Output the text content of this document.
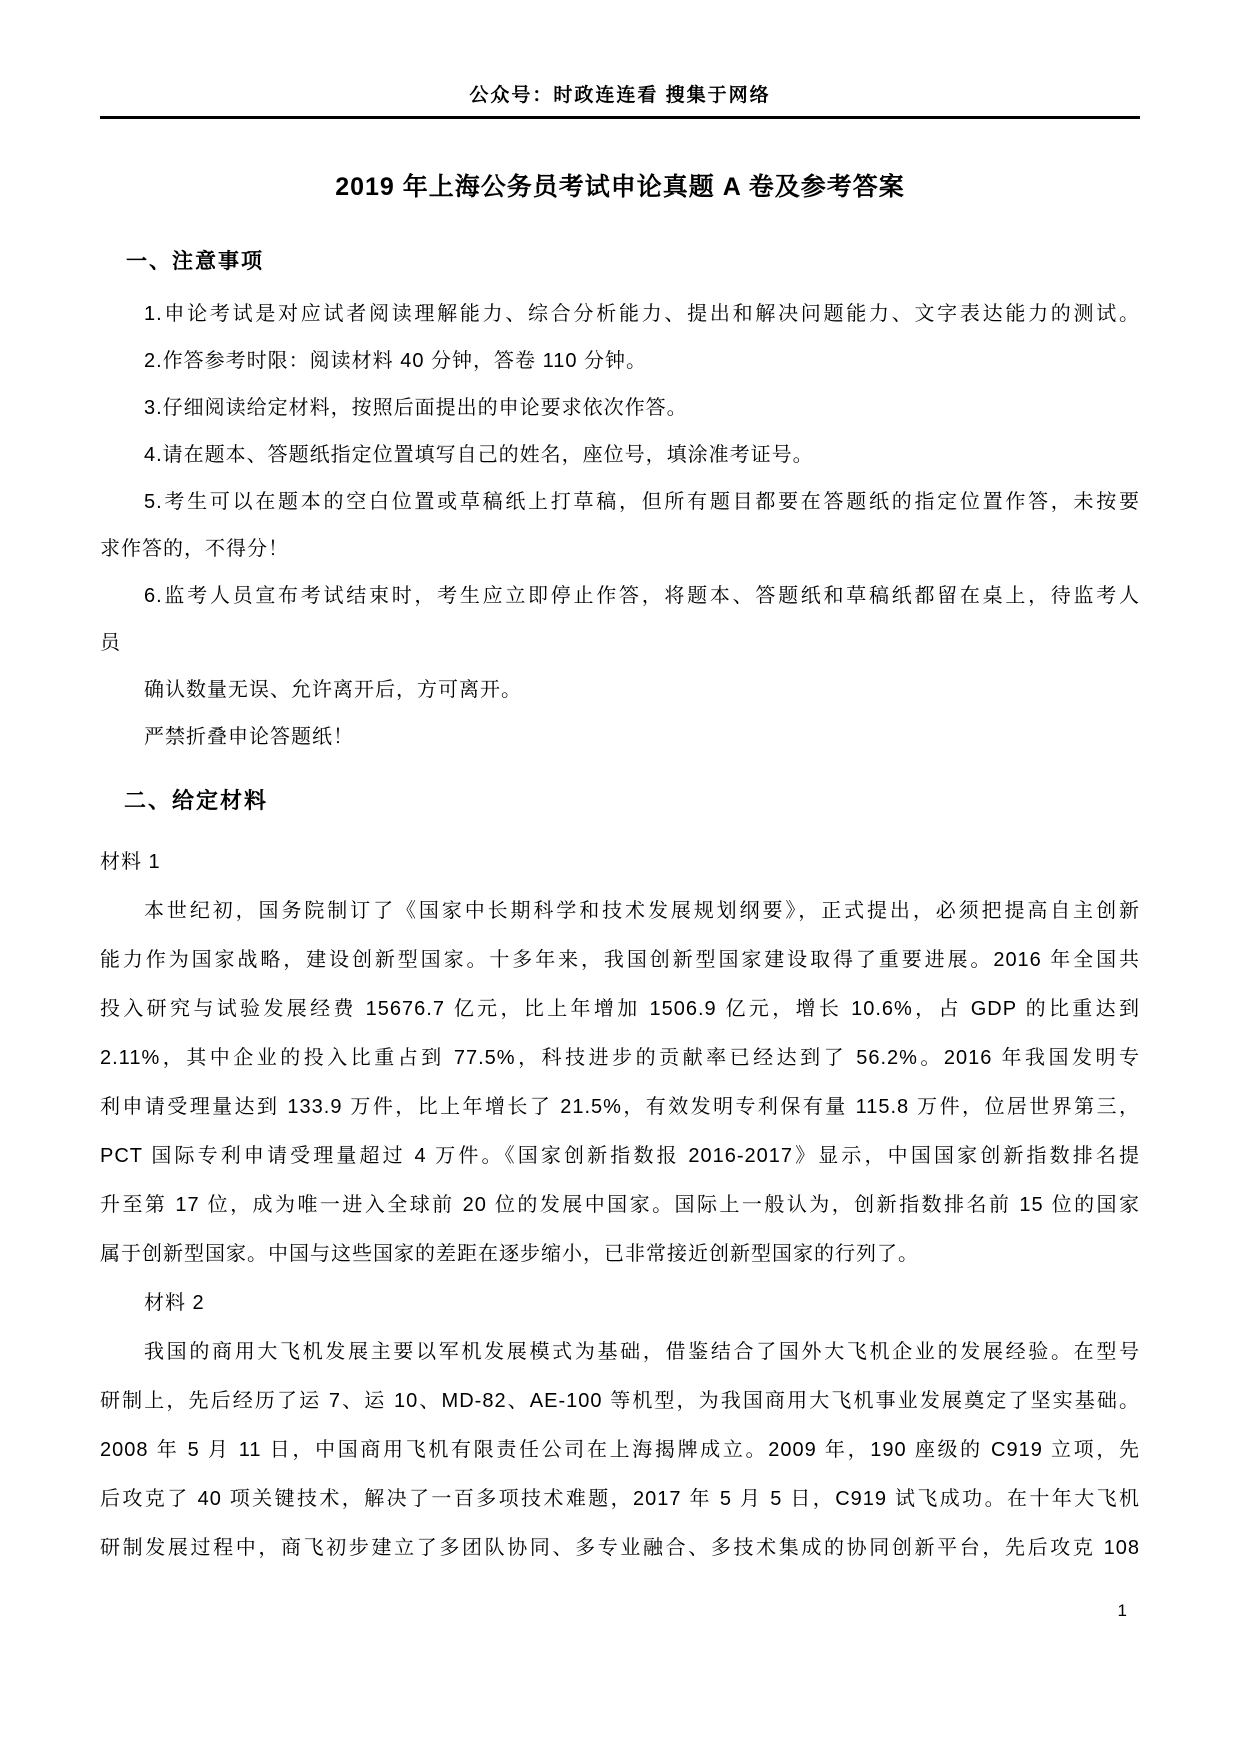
公众号：时政连连看 搜集于网络
2019 年上海公务员考试申论真题 A 卷及参考答案
一、注意事项
1.申论考试是对应试者阅读理解能力、综合分析能力、提出和解决问题能力、文字表达能力的测试。
2.作答参考时限：阅读材料 40 分钟，答卷 110 分钟。
3.仔细阅读给定材料，按照后面提出的申论要求依次作答。
4.请在题本、答题纸指定位置填写自己的姓名，座位号，填涂准考证号。
5.考生可以在题本的空白位置或草稿纸上打草稿，但所有题目都要在答题纸的指定位置作答，未按要
求作答的，不得分！
6.监考人员宣布考试结束时，考生应立即停止作答，将题本、答题纸和草稿纸都留在桌上，待监考人
员
确认数量无误、允许离开后，方可离开。
严禁折叠申论答题纸！
二、给定材料
材料 1
本世纪初，国务院制订了《国家中长期科学和技术发展规划纲要》，正式提出，必须把提高自主创新
能力作为国家战略，建设创新型国家。十多年来，我国创新型国家建设取得了重要进展。2016 年全国共
投入研究与试验发展经费 15676.7 亿元，比上年增加 1506.9 亿元，增长 10.6%，占 GDP 的比重达到
2.11%，其中企业的投入比重占到 77.5%，科技进步的贡献率已经达到了 56.2%。2016 年我国发明专
利申请受理量达到 133.9 万件，比上年增长了 21.5%，有效发明专利保有量 115.8 万件，位居世界第三，
PCT 国际专利申请受理量超过 4 万件。《国家创新指数报 2016-2017》显示，中国国家创新指数排名提
升至第 17 位，成为唯一进入全球前 20 位的发展中国家。国际上一般认为，创新指数排名前 15 位的国家
属于创新型国家。中国与这些国家的差距在逐步缩小，已非常接近创新型国家的行列了。
材料 2
我国的商用大飞机发展主要以军机发展模式为基础，借鉴结合了国外大飞机企业的发展经验。在型号
研制上，先后经历了运 7、运 10、MD-82、AE-100 等机型，为我国商用大飞机事业发展奠定了坚实基础。
2008 年 5 月 11 日，中国商用飞机有限责任公司在上海揭牌成立。2009 年，190 座级的 C919 立项，先
后攻克了 40 项关键技术，解决了一百多项技术难题，2017 年 5 月 5 日，C919 试飞成功。在十年大飞机
研制发展过程中，商飞初步建立了多团队协同、多专业融合、多技术集成的协同创新平台，先后攻克 108
1
